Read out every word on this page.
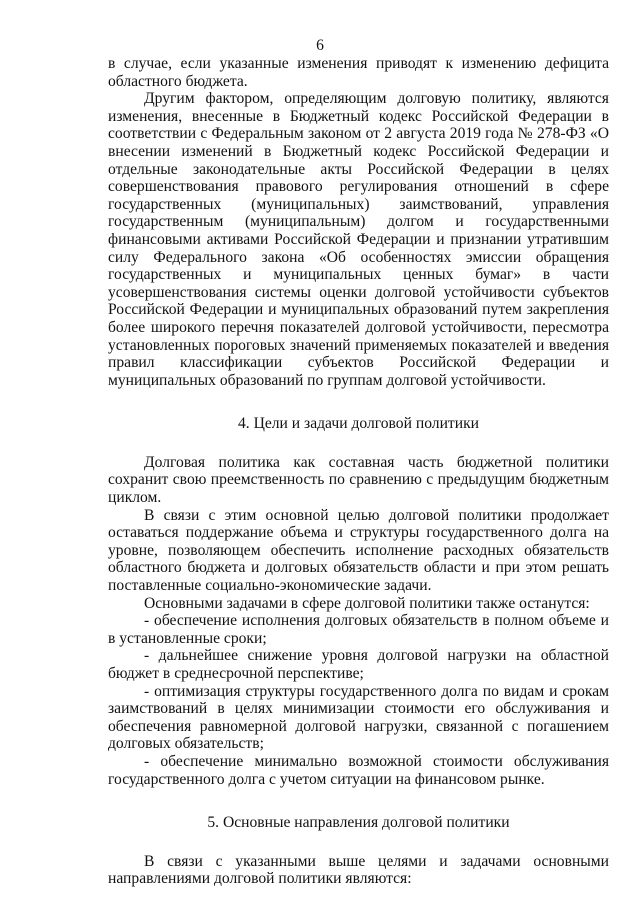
6

в случае, если указанные изменения приводят к изменению дефицита областного бюджета.

Другим фактором, определяющим долговую политику, являются изменения, внесенные в Бюджетный кодекс Российской Федерации в соответствии с Федеральным законом от 2 августа 2019 года № 278-ФЗ «О внесении изменений в Бюджетный кодекс Российской Федерации и отдельные законодательные акты Российской Федерации в целях совершенствования правового регулирования отношений в сфере государственных (муниципальных) заимствований, управления государственным (муниципальным) долгом и государственными финансовыми активами Российской Федерации и признании утратившим силу Федерального закона «Об особенностях эмиссии обращения государственных и муниципальных ценных бумаг» в части усовершенствования системы оценки долговой устойчивости субъектов Российской Федерации и муниципальных образований путем закрепления более широкого перечня показателей долговой устойчивости, пересмотра установленных пороговых значений применяемых показателей и введения правил классификации субъектов Российской Федерации и муниципальных образований по группам долговой устойчивости.

4. Цели и задачи долговой политики

Долговая политика как составная часть бюджетной политики сохранит свою преемственность по сравнению с предыдущим бюджетным циклом.

В связи с этим основной целью долговой политики продолжает оставаться поддержание объема и структуры государственного долга на уровне, позволяющем обеспечить исполнение расходных обязательств областного бюджета и долговых обязательств области и при этом решать поставленные социально-экономические задачи.

Основными задачами в сфере долговой политики также останутся:

- обеспечение исполнения долговых обязательств в полном объеме и в установленные сроки;

- дальнейшее снижение уровня долговой нагрузки на областной бюджет в среднесрочной перспективе;

- оптимизация структуры государственного долга по видам и срокам заимствований в целях минимизации стоимости его обслуживания и обеспечения равномерной долговой нагрузки, связанной с погашением долговых обязательств;

- обеспечение минимально возможной стоимости обслуживания государственного долга с учетом ситуации на финансовом рынке.

5. Основные направления долговой политики

В связи с указанными выше целями и задачами основными направлениями долговой политики являются:
